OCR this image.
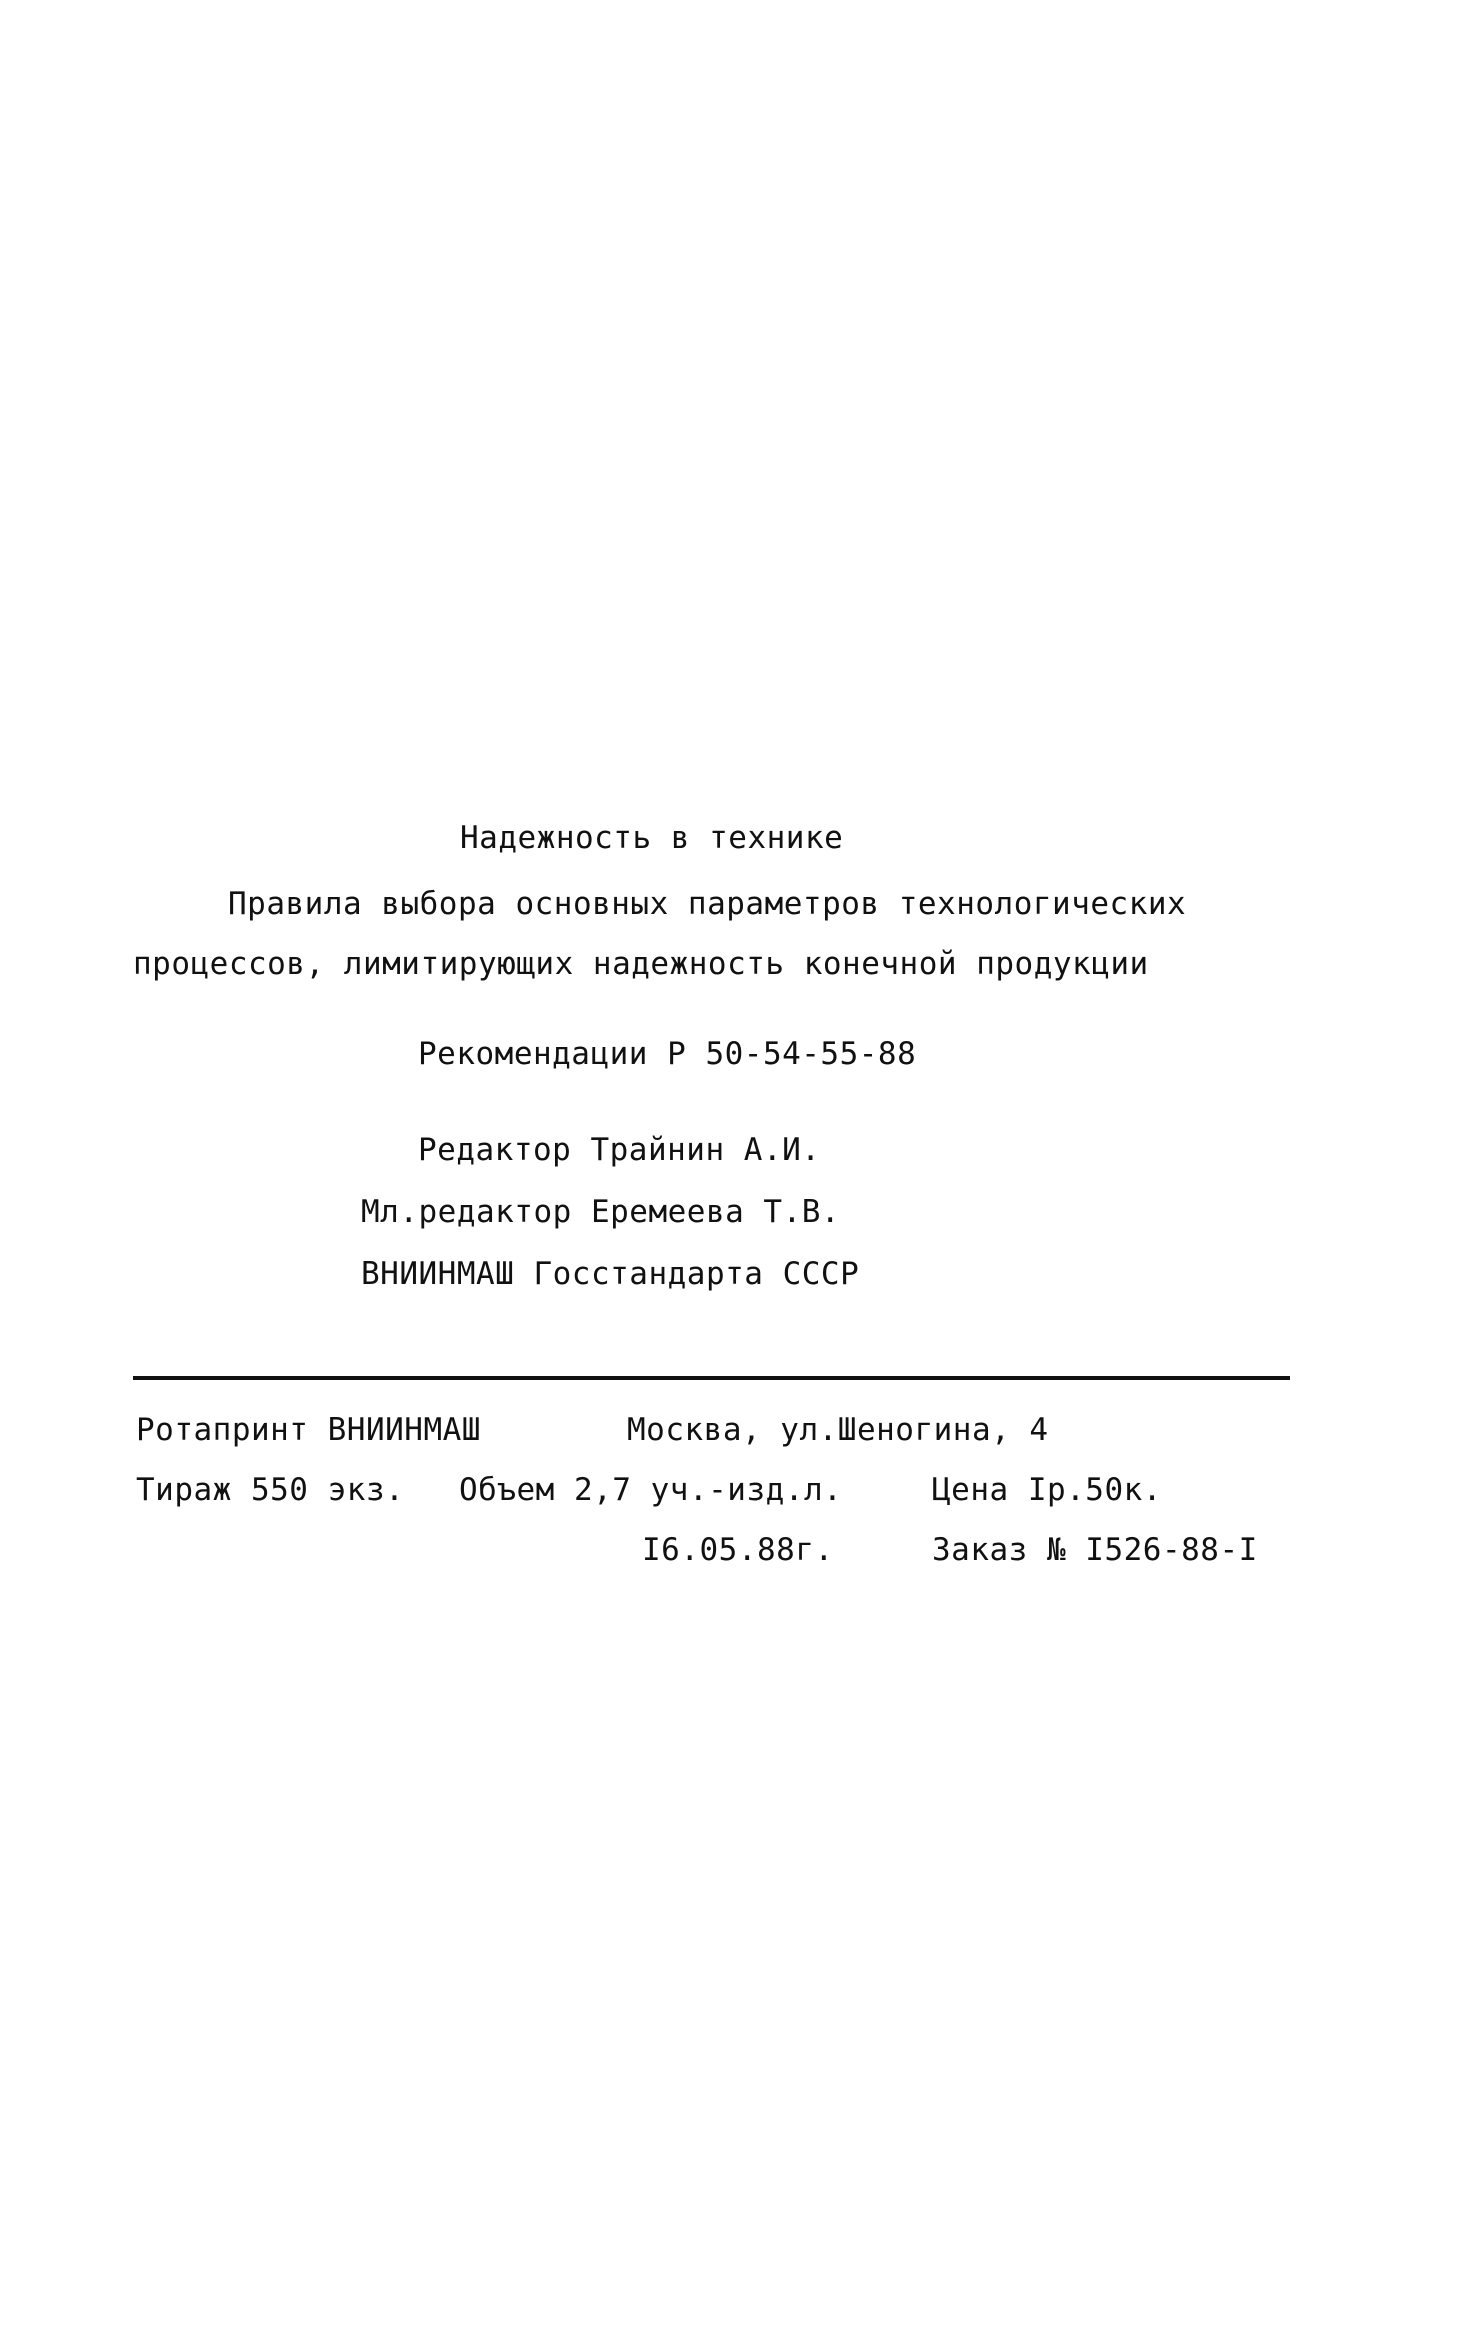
Надежность в технике
Правила выбора основных параметров технологических
процессов, лимитирующих надежность конечной продукции
Рекомендации Р 50-54-55-88
Редактор Трайнин А.И.
Мл.редактор Еремеева Т.В.
ВНИИНМАШ Госстандарта СССР
Ротапринт ВНИИНМАШ	Москва, ул.Шеногина, 4
Тираж 550 экз. Объем 2,7 уч.-изд.л.	Цена Iр.50к.
I6.05.88г.	Заказ № I526-88-I
